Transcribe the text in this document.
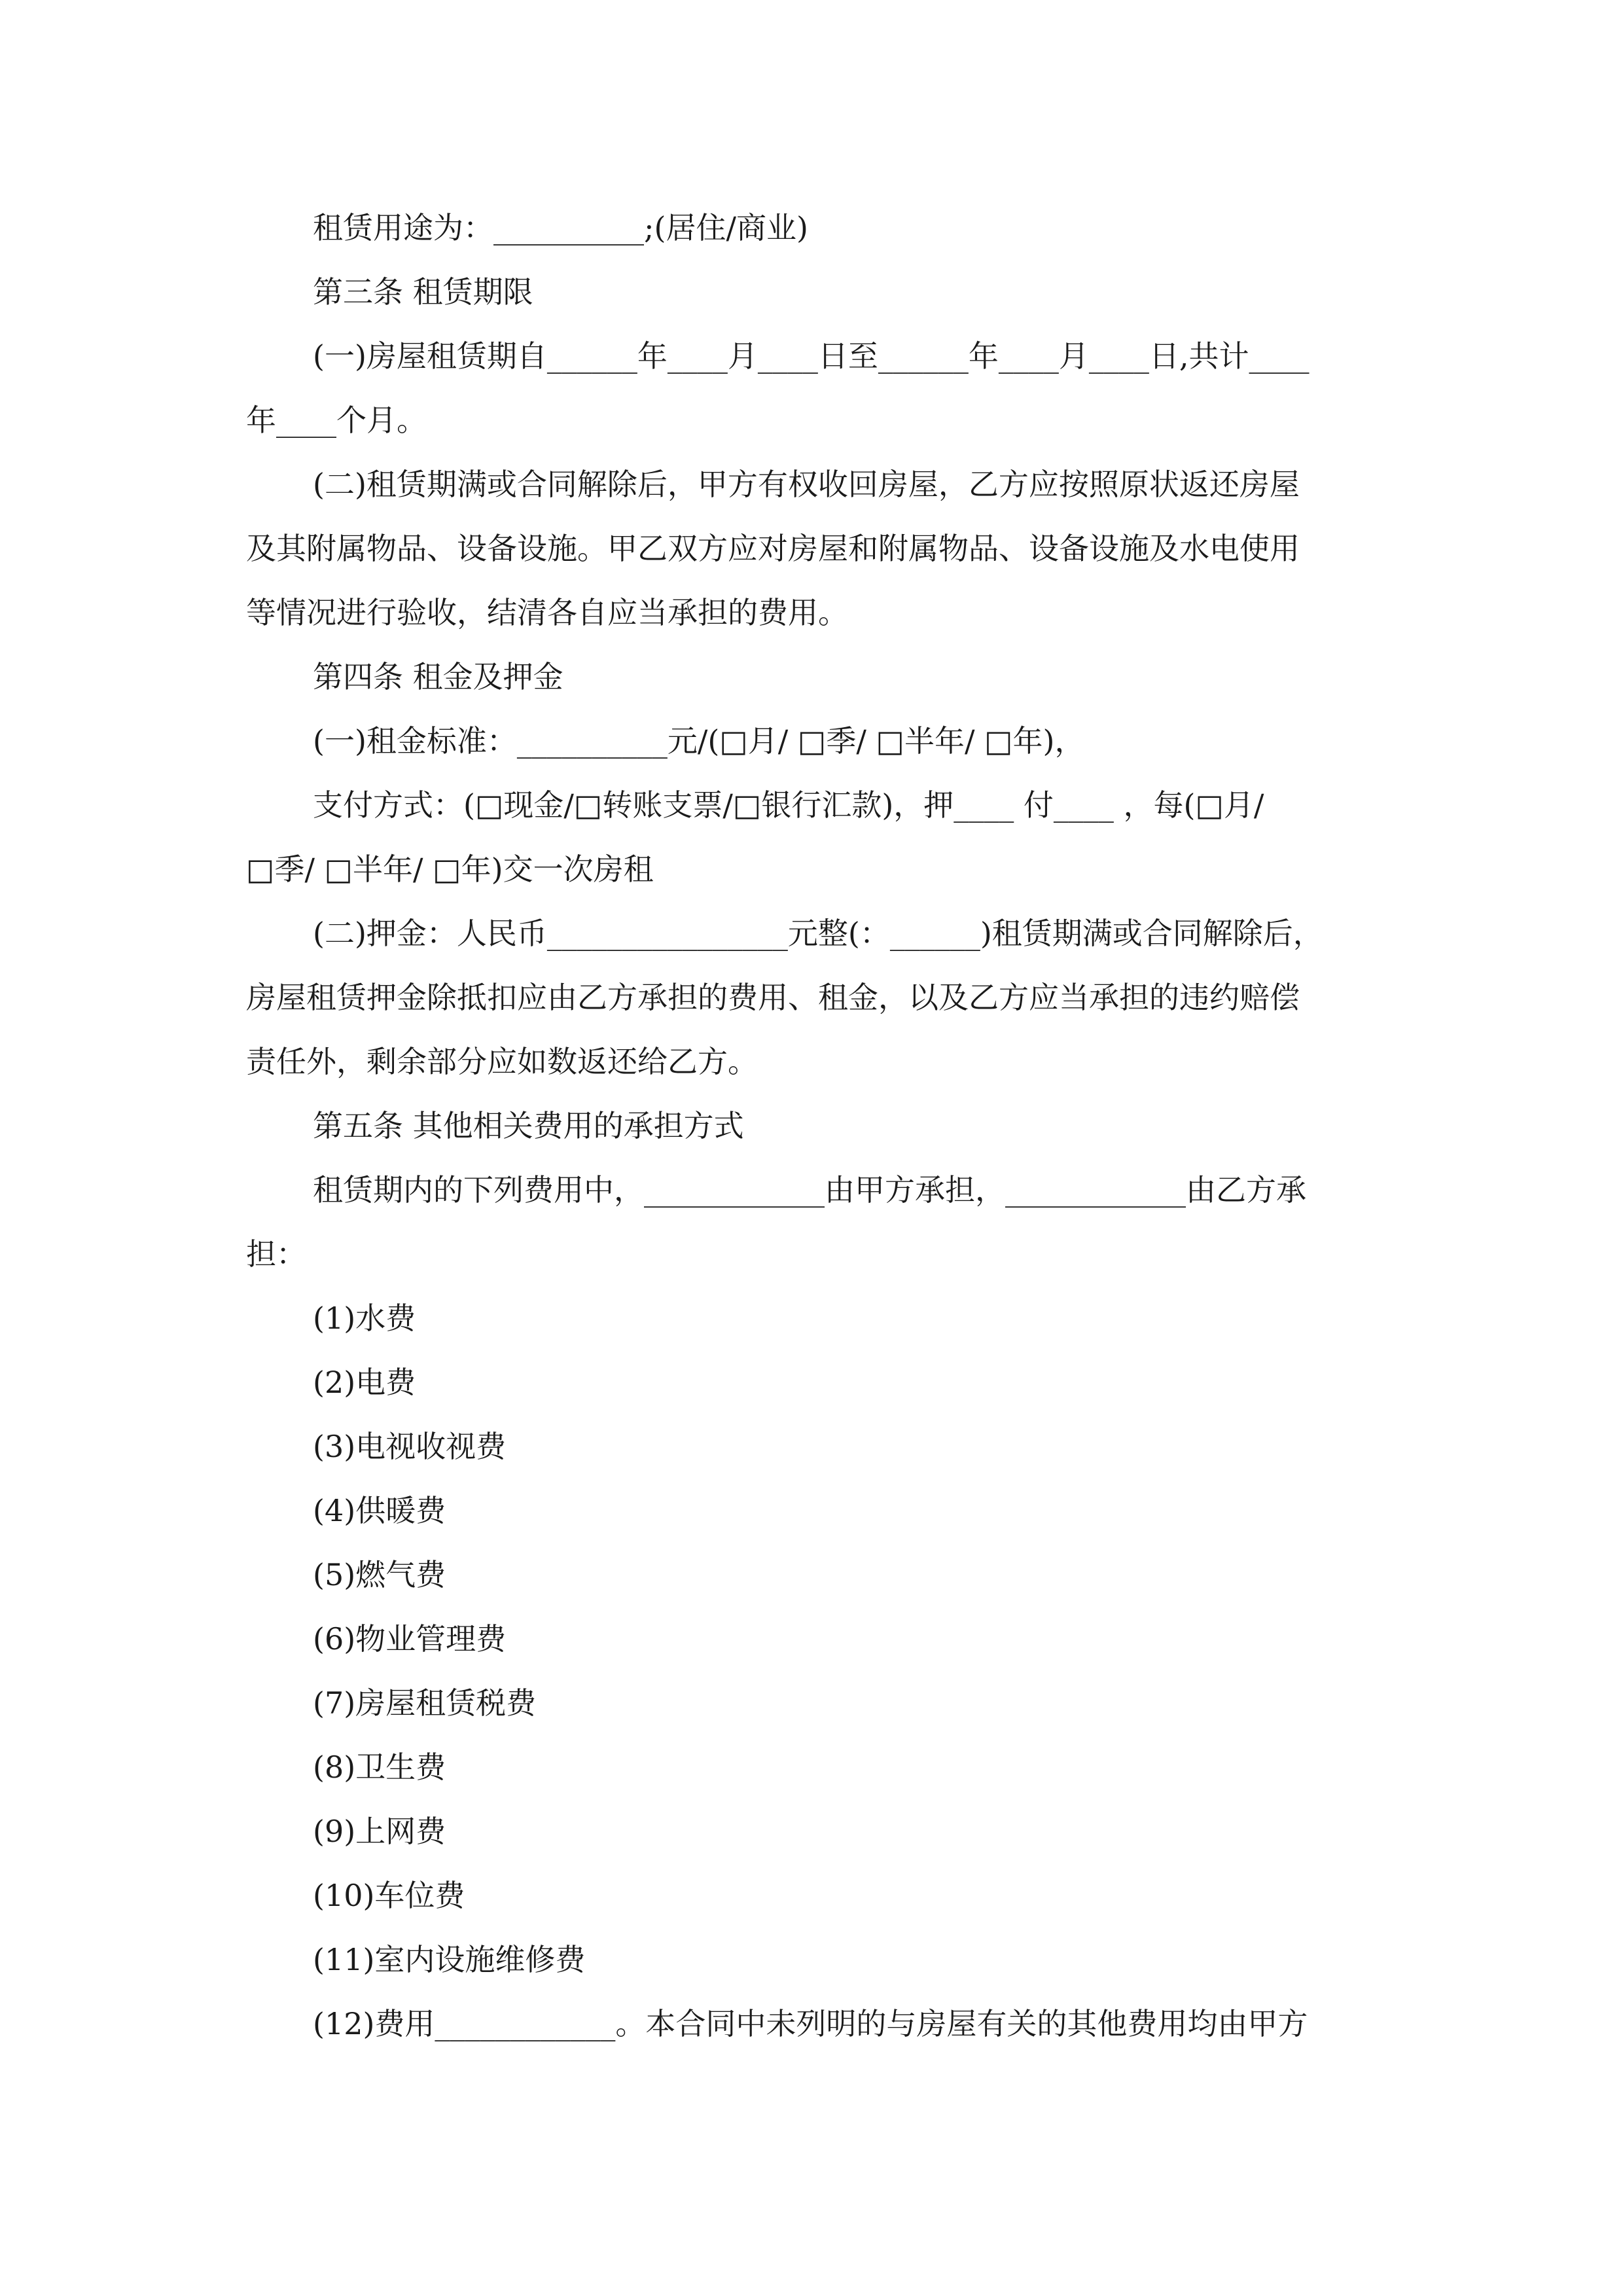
租赁用途为：__________;(居住/商业)
第三条 租赁期限
(一)房屋租赁期自______年____月____日至______年____月____日,共计____
年____个月。
(二)租赁期满或合同解除后，甲方有权收回房屋，乙方应按照原状返还房屋
及其附属物品、设备设施。甲乙双方应对房屋和附属物品、设备设施及水电使用
等情况进行验收，结清各自应当承担的费用。
第四条 租金及押金
(一)租金标准：__________元/(□月/ □季/ □半年/ □年)，
支付方式：(□现金/□转账支票/□银行汇款)，押____ 付____ ，每(□月/
□季/ □半年/ □年)交一次房租
(二)押金：人民币________________元整(：______)租赁期满或合同解除后，
房屋租赁押金除抵扣应由乙方承担的费用、租金，以及乙方应当承担的违约赔偿
责任外，剩余部分应如数返还给乙方。
第五条 其他相关费用的承担方式
租赁期内的下列费用中，____________由甲方承担，____________由乙方承
担：
(1)水费
(2)电费
(3)电视收视费
(4)供暖费
(5)燃气费
(6)物业管理费
(7)房屋租赁税费
(8)卫生费
(9)上网费
(10)车位费
(11)室内设施维修费
(12)费用____________。本合同中未列明的与房屋有关的其他费用均由甲方
